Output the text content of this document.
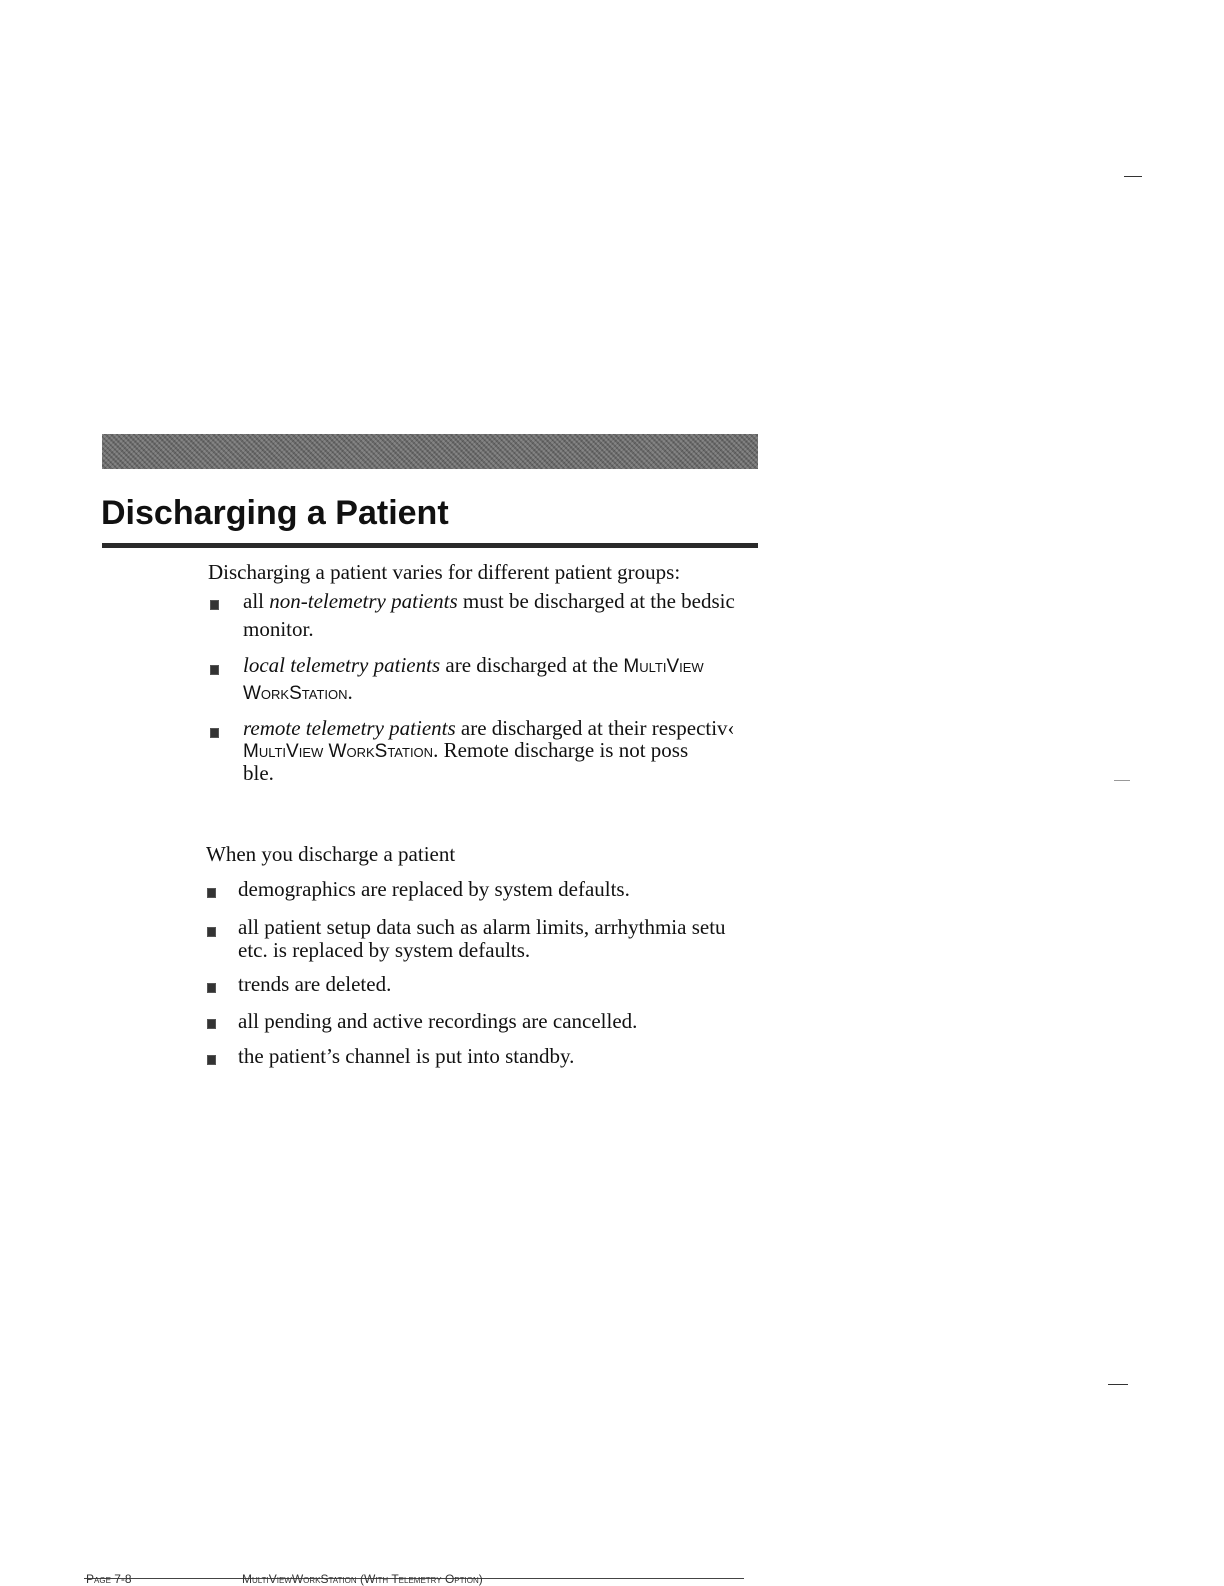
Discharging a Patient

Discharging a patient varies for different patient groups:

all non-telemetry patients must be discharged at the bedsic
monitor.
local telemetry patients are discharged at the MultiView
WorkStation.
remote telemetry patients are discharged at their respectiv‹
MultiView WorkStation. Remote discharge is not poss
ble.

When you discharge a patient

demographics are replaced by system defaults.
all patient setup data such as alarm limits, arrhythmia setu
etc. is replaced by system defaults.
trends are deleted.
all pending and active recordings are cancelled.
the patient’s channel is put into standby.
Page 7-8	MultiViewWorkStation (With Telemetry Option)
